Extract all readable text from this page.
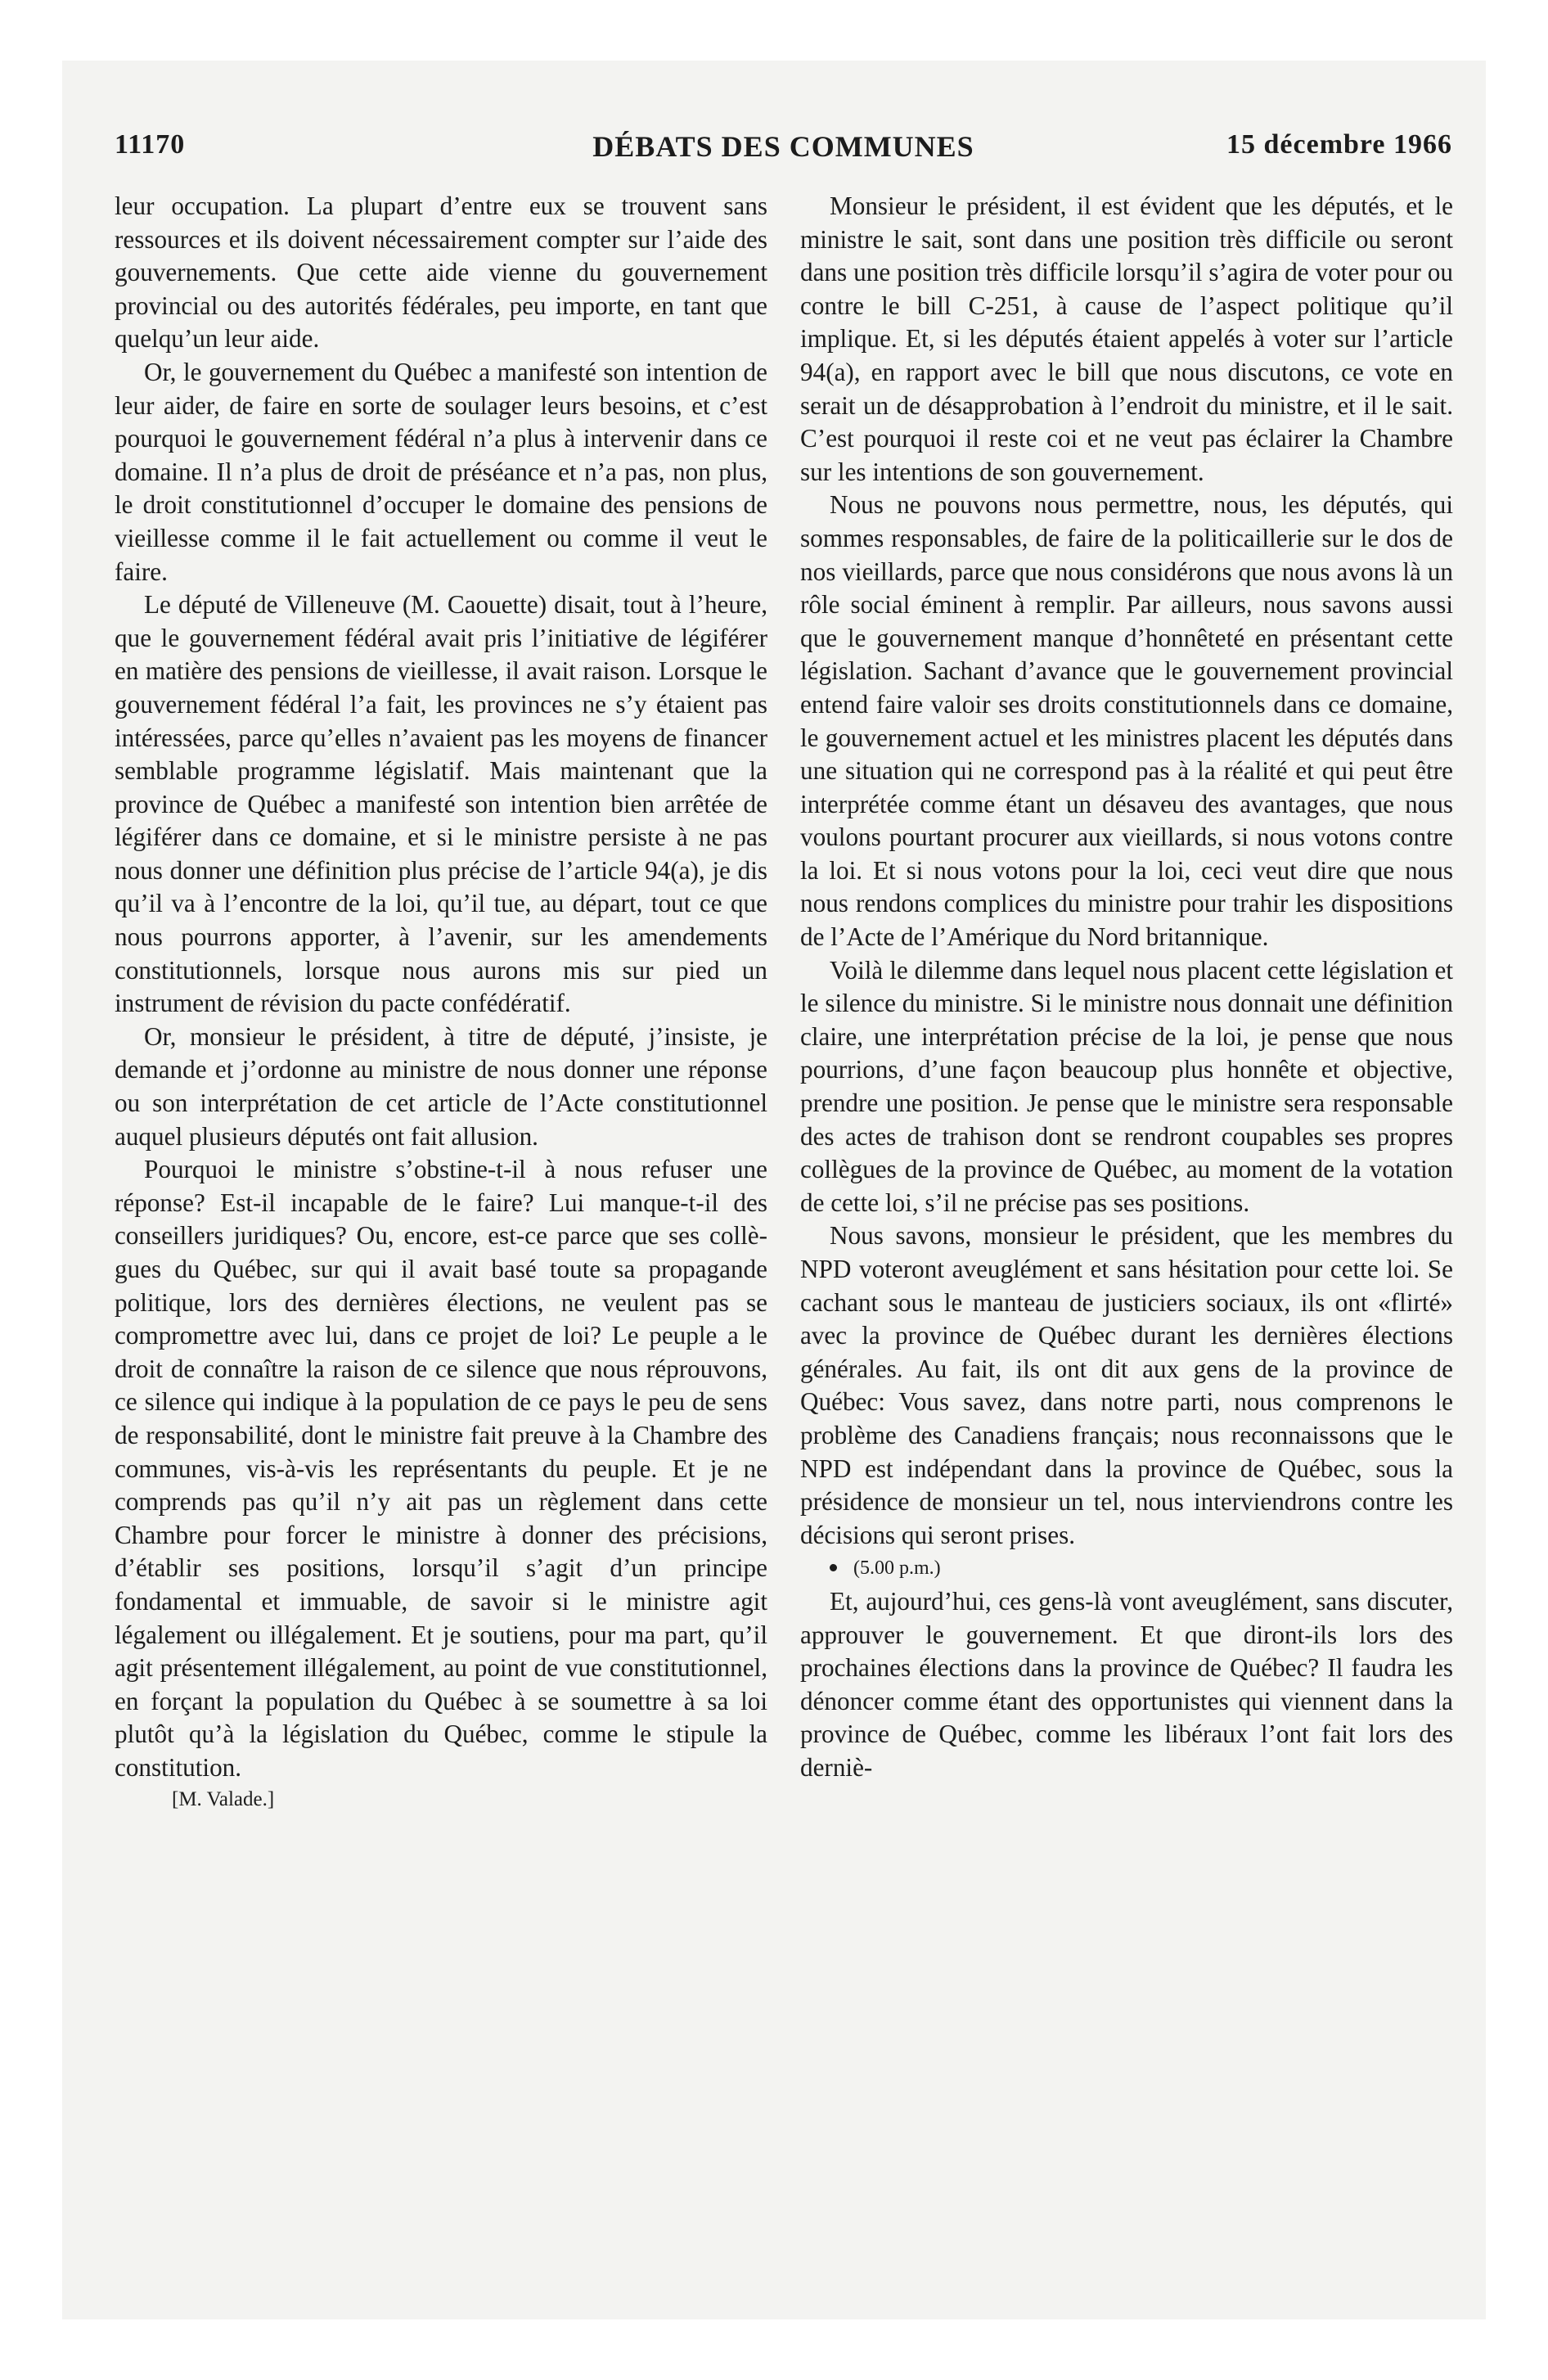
11170	DÉBATS DES COMMUNES	15 décembre 1966

leur occupation. La plupart d’entre eux se trouvent sans ressources et ils doivent nécessairement compter sur l’aide des gouvernements. Que cette aide vienne du gouvernement provincial ou des autorités fédérales, peu importe, en tant que quelqu’un leur aide.

Or, le gouvernement du Québec a manifesté son intention de leur aider, de faire en sorte de soulager leurs besoins, et c’est pourquoi le gouvernement fédéral n’a plus à intervenir dans ce domaine. Il n’a plus de droit de préséance et n’a pas, non plus, le droit constitutionnel d’occuper le domaine des pensions de vieillesse comme il le fait actuellement ou comme il veut le faire.

Le député de Villeneuve (M. Caouette) disait, tout à l’heure, que le gouvernement fédéral avait pris l’initiative de légiférer en matière des pensions de vieillesse, il avait raison. Lorsque le gouvernement fédéral l’a fait, les provinces ne s’y étaient pas intéressées, parce qu’elles n’avaient pas les moyens de financer semblable programme législatif. Mais maintenant que la province de Québec a manifesté son intention bien arrêtée de légiférer dans ce domaine, et si le ministre persiste à ne pas nous donner une définition plus précise de l’article 94(a), je dis qu’il va à l’encontre de la loi, qu’il tue, au départ, tout ce que nous pourrons apporter, à l’avenir, sur les amendements constitutionnels, lorsque nous aurons mis sur pied un instrument de révision du pacte confédératif.

Or, monsieur le président, à titre de député, j’insiste, je demande et j’ordonne au ministre de nous donner une réponse ou son interprétation de cet article de l’Acte constitutionnel auquel plusieurs députés ont fait allusion.

Pourquoi le ministre s’obstine-t-il à nous refuser une réponse? Est-il incapable de le faire? Lui manque-t-il des conseillers juridiques? Ou, encore, est-ce parce que ses collègues du Québec, sur qui il avait basé toute sa propagande politique, lors des dernières élections, ne veulent pas se compromettre avec lui, dans ce projet de loi? Le peuple a le droit de connaître la raison de ce silence que nous réprouvons, ce silence qui indique à la population de ce pays le peu de sens de responsabilité, dont le ministre fait preuve à la Chambre des communes, vis-à-vis les représentants du peuple. Et je ne comprends pas qu’il n’y ait pas un règlement dans cette Chambre pour forcer le ministre à donner des précisions, d’établir ses positions, lorsqu’il s’agit d’un principe fondamental et immuable, de savoir si le ministre agit légalement ou illégalement. Et je soutiens, pour ma part, qu’il agit présentement illégalement, au point de vue constitutionnel, en forçant la population du Québec à se soumettre à sa loi plutôt qu’à la législation du Québec, comme le stipule la constitution.

[M. Valade.]

Monsieur le président, il est évident que les députés, et le ministre le sait, sont dans une position très difficile ou seront dans une position très difficile lorsqu’il s’agira de voter pour ou contre le bill C-251, à cause de l’aspect politique qu’il implique. Et, si les députés étaient appelés à voter sur l’article 94(a), en rapport avec le bill que nous discutons, ce vote en serait un de désapprobation à l’endroit du ministre, et il le sait. C’est pourquoi il reste coi et ne veut pas éclairer la Chambre sur les intentions de son gouvernement.

Nous ne pouvons nous permettre, nous, les députés, qui sommes responsables, de faire de la politicaillerie sur le dos de nos vieillards, parce que nous considérons que nous avons là un rôle social éminent à remplir. Par ailleurs, nous savons aussi que le gouvernement manque d’honnêteté en présentant cette législation. Sachant d’avance que le gouvernement provincial entend faire valoir ses droits constitutionnels dans ce domaine, le gouvernement actuel et les ministres placent les députés dans une situation qui ne correspond pas à la réalité et qui peut être interprétée comme étant un désaveu des avantages, que nous voulons pourtant procurer aux vieillards, si nous votons contre la loi. Et si nous votons pour la loi, ceci veut dire que nous nous rendons complices du ministre pour trahir les dispositions de l’Acte de l’Amérique du Nord britannique.

Voilà le dilemme dans lequel nous placent cette législation et le silence du ministre. Si le ministre nous donnait une définition claire, une interprétation précise de la loi, je pense que nous pourrions, d’une façon beaucoup plus honnête et objective, prendre une position. Je pense que le ministre sera responsable des actes de trahison dont se rendront coupables ses propres collègues de la province de Québec, au moment de la votation de cette loi, s’il ne précise pas ses positions.

Nous savons, monsieur le président, que les membres du NPD voteront aveuglément et sans hésitation pour cette loi. Se cachant sous le manteau de justiciers sociaux, ils ont «flirté» avec la province de Québec durant les dernières élections générales. Au fait, ils ont dit aux gens de la province de Québec: Vous savez, dans notre parti, nous comprenons le problème des Canadiens français; nous reconnaissons que le NPD est indépendant dans la province de Québec, sous la présidence de monsieur un tel, nous interviendrons contre les décisions qui seront prises.

(5.00 p.m.)

Et, aujourd’hui, ces gens-là vont aveuglément, sans discuter, approuver le gouvernement. Et que diront-ils lors des prochaines élections dans la province de Québec? Il faudra les dénoncer comme étant des opportunistes qui viennent dans la province de Québec, comme les libéraux l’ont fait lors des derniè-
